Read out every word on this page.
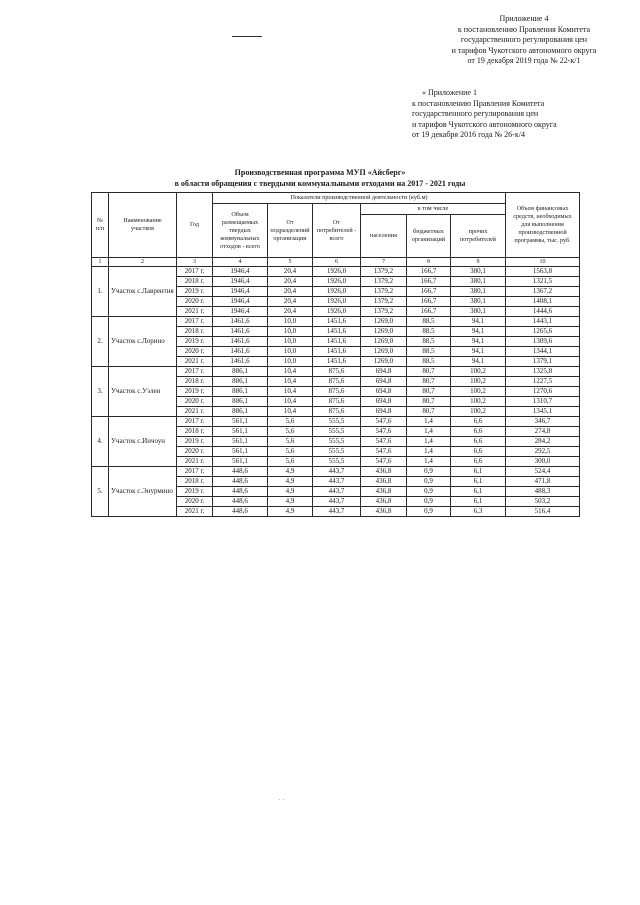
Приложение 4
к постановлению Правления Комитета
государственного регулирования цен
и тарифов Чукотского автономного округа
от 19 декабря 2019 года № 22-к/1
« Приложение 1
к постановлению Правления Комитета
государственного регулирования цен
и тарифов Чукотского автономного округа
от 19 декабря 2016 года № 26-к/4
Производственная программа МУП «Айсберг»
в области обращения с твердыми коммунальными отходами на 2017 - 2021 годы
№ п/п	Наименование участков	Год	Показатели производственной деятельности (куб.м)						Объем финансовых средств, необходимых для выполнения производственной программы, тыс. руб.
			Объем размещаемых твердых коммунальных отходов - всего	От подразделений организации	От потребителей - всего	в том числе			
						населения	бюджетных организаций	прочих потребителей	
1	2	3	4	5	6	7	8	9	10
1.	Участок с.Лаврентия	2017 г.	1946,4	20,4	1926,0	1379,2	166,7	380,1	1563,8
		2018 г.	1946,4	20,4	1926,0	1379,2	166,7	380,1	1321,5
		2019 г.	1946,4	20,4	1926,0	1379,2	166,7	380,1	1367,2
		2020 г.	1946,4	20,4	1926,0	1379,2	166,7	380,1	1408,1
		2021 г.	1946,4	20,4	1926,0	1379,2	166,7	380,1	1444,6
2.	Участок с.Лорино	2017 г.	1461,6	10,0	1451,6	1269,0	88,5	94,1	1443,1
		2018 г.	1461,6	10,0	1451,6	1269,0	88,5	94,1	1265,6
		2019 г.	1461,6	10,0	1451,6	1269,0	88,5	94,1	1309,6
		2020 г.	1461,6	10,0	1451,6	1269,0	88,5	94,1	1344,1
		2021 г.	1461,6	10,0	1451,6	1269,0	88,5	94,1	1379,1
3.	Участок с.Уэлен	2017 г.	886,1	10,4	875,6	694,8	80,7	100,2	1325,8
		2018 г.	886,1	10,4	875,6	694,8	80,7	100,2	1227,5
		2019 г.	886,1	10,4	875,6	694,8	80,7	100,2	1270,6
		2020 г.	886,1	10,4	875,6	694,8	80,7	100,2	1310,7
		2021 г.	886,1	10,4	875,6	694,8	80,7	100,2	1345,1
4.	Участок с.Инчоун	2017 г.	561,1	5,6	555,5	547,6	1,4	6,6	346,7
		2018 г.	561,1	5,6	555,5	547,6	1,4	6,6	274,8
		2019 г.	561,1	5,6	555,5	547,6	1,4	6,6	284,2
		2020 г.	561,1	5,6	555,5	547,6	1,4	6,6	292,5
		2021 г.	561,1	5,6	555,5	547,6	1,4	6,6	300,0
5.	Участок с.Энурмино	2017 г.	448,6	4,9	443,7	436,8	0,9	6,1	524,4
		2018 г.	448,6	4,9	443,7	436,8	0,9	6,1	471,8
		2019 г.	448,6	4,9	443,7	436,8	0,9	6,1	488,3
		2020 г.	448,6	4,9	443,7	436,8	0,9	6,1	503,2
		2021 г.	448,6	4,9	443,7	436,8	0,9	6,3	516,4
· ·
